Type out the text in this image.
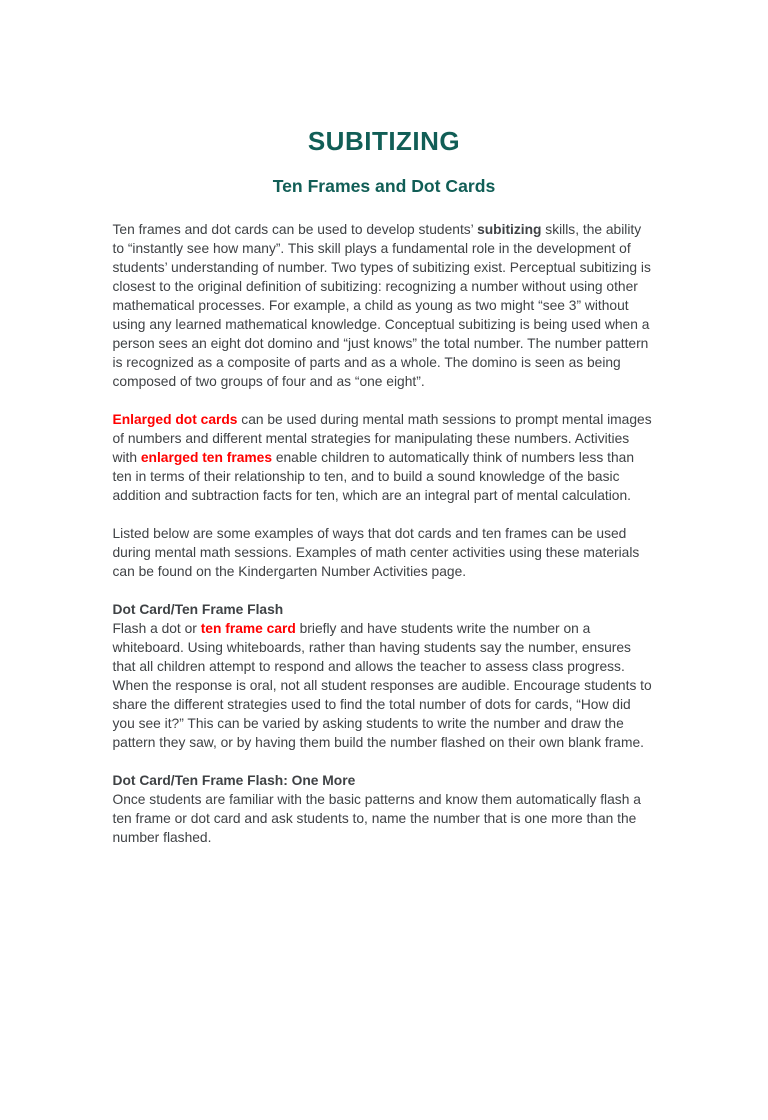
SUBITIZING
Ten Frames and Dot Cards

Ten frames and dot cards can be used to develop students’ subitizing skills, the ability to “instantly see how many”. This skill plays a fundamental role in the development of students’ understanding of number. Two types of subitizing exist. Perceptual subitizing is closest to the original definition of subitizing: recognizing a number without using other mathematical processes. For example, a child as young as two might “see 3” without using any learned mathematical knowledge. Conceptual subitizing is being used when a person sees an eight dot domino and “just knows” the total number. The number pattern is recognized as a composite of parts and as a whole. The domino is seen as being composed of two groups of four and as “one eight”.

Enlarged dot cards can be used during mental math sessions to prompt mental images of numbers and different mental strategies for manipulating these numbers. Activities with enlarged ten frames enable children to automatically think of numbers less than ten in terms of their relationship to ten, and to build a sound knowledge of the basic addition and subtraction facts for ten, which are an integral part of mental calculation.

Listed below are some examples of ways that dot cards and ten frames can be used during mental math sessions. Examples of math center activities using these materials can be found on the Kindergarten Number Activities page.

Dot Card/Ten Frame Flash

Flash a dot or ten frame card briefly and have students write the number on a whiteboard. Using whiteboards, rather than having students say the number, ensures that all children attempt to respond and allows the teacher to assess class progress. When the response is oral, not all student responses are audible. Encourage students to share the different strategies used to find the total number of dots for cards, “How did you see it?” This can be varied by asking students to write the number and draw the pattern they saw, or by having them build the number flashed on their own blank frame.

Dot Card/Ten Frame Flash: One More

Once students are familiar with the basic patterns and know them automatically flash a ten frame or dot card and ask students to, name the number that is one more than the number flashed.
